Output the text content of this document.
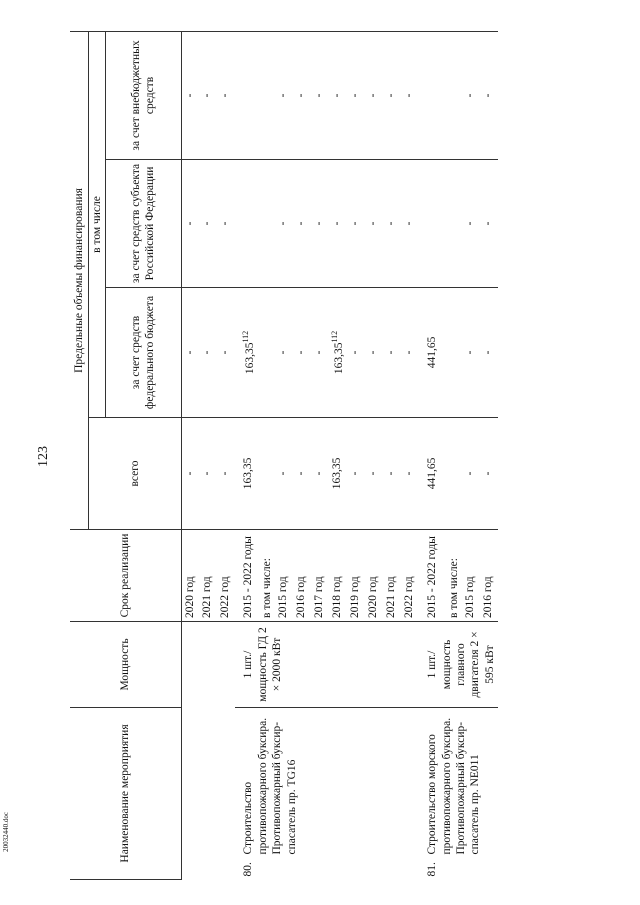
123
20032440.doc	Наименование мероприятия		Мощность	Срок реализации	Предельные объемы финансирования			
				всего	в том числе		
					за счет средств федерального бюджета	за счет средств субъекта Российской Федерации	за счет внебюджетных средств
			2020 год	-	-	-	-
			2021 год	-	-	-	-
			2022 год	-	-	-	-
80.	Строительство противопожарного буксира. Противопожарный буксир-спасатель пр. TG16	1 шт./ мощность ГД 2 × 2000 кВт	2015 - 2022 годы	163,35	163,35$^{112}$		
			в том числе:				
			2015 год	-	-	-	-
			2016 год	-	-	-	-
			2017 год	-	-	-	-
			2018 год	163,35	163,35$^{112}$	-	-
			2019 год	-	-	-	-
			2020 год	-	-	-	-
			2021 год	-	-	-	-
			2022 год	-	-	-	-
81.	Строительство морского противопожарного буксира. Противопожарный буксир-спасатель пр. NE011	1 шт./ мощность главного двигателя 2 × 595 кВт	2015 - 2022 годы	441,65	441,65		
			в том числе:				
			2015 год	-	-	-	-
			2016 год	-	-	-	-
